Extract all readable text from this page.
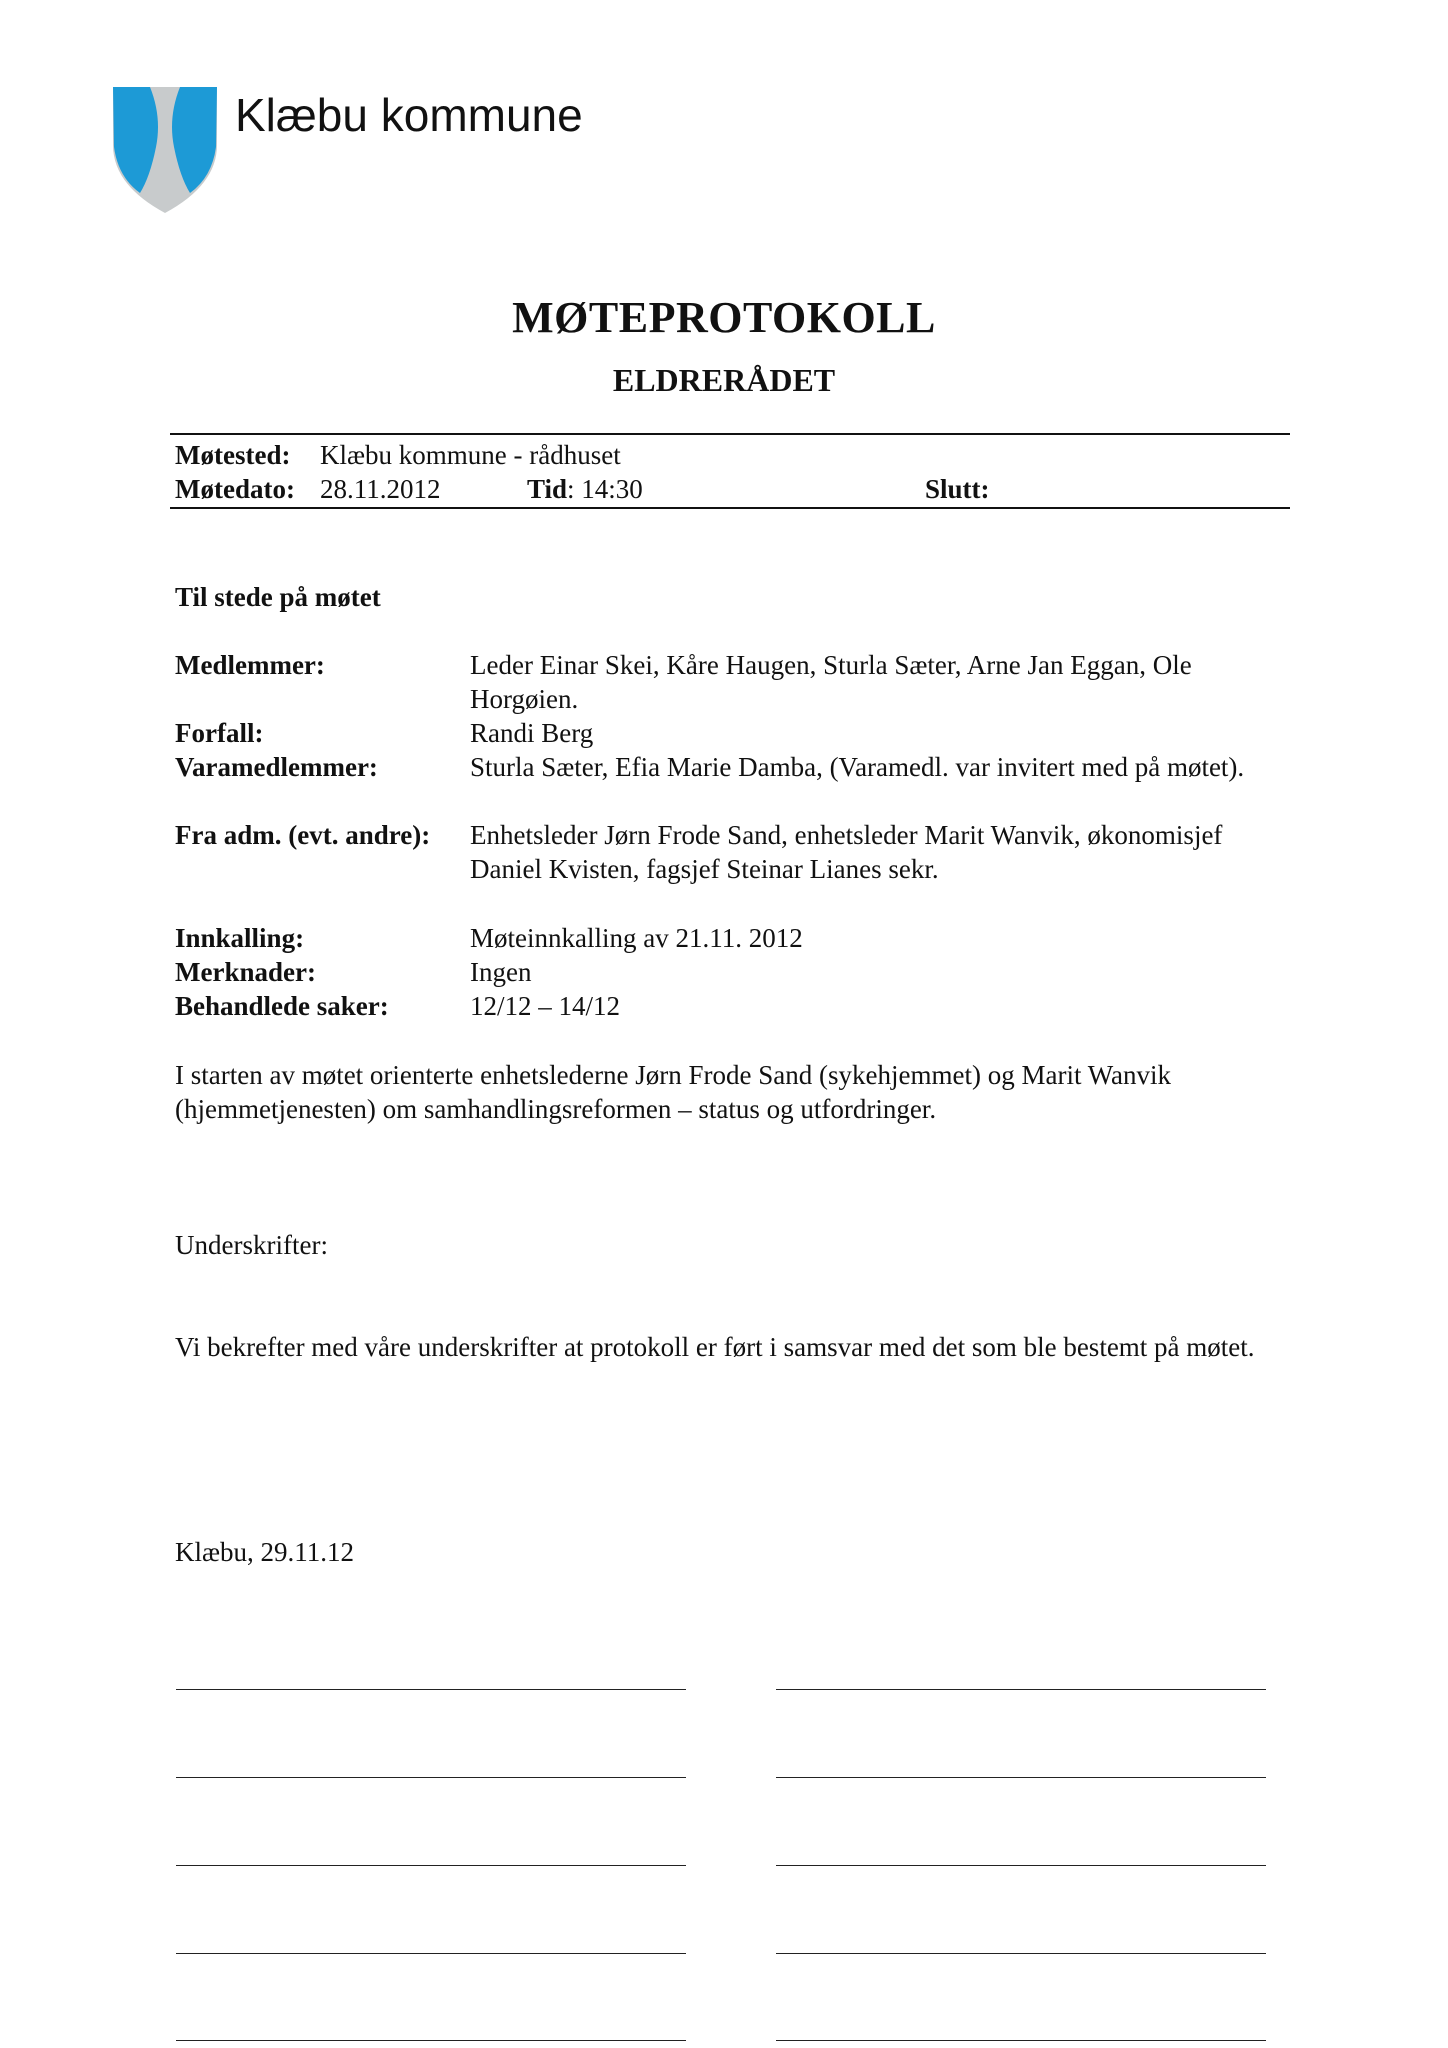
Klæbu kommune
MØTEPROTOKOLL
ELDRERÅDET
Møtested: Klæbu kommune - rådhuset
Møtedato: 28.11.2012	Tid: 14:30	Slutt:
Til stede på møtet
Medlemmer:	Leder Einar Skei, Kåre Haugen, Sturla Sæter, Arne Jan Eggan, Ole Horgøien.
Forfall:	Randi Berg
Varamedlemmer:	Sturla Sæter, Efia Marie Damba, (Varamedl. var invitert med på møtet).
Fra adm. (evt. andre): Enhetsleder Jørn Frode Sand, enhetsleder Marit Wanvik, økonomisjef Daniel Kvisten, fagsjef Steinar Lianes sekr.
Innkalling:	Møteinnkalling av 21.11. 2012
Merknader:	Ingen
Behandlede saker:	12/12 – 14/12
I starten av møtet orienterte enhetslederne Jørn Frode Sand (sykehjemmet) og Marit Wanvik (hjemmetjenesten) om samhandlingsreformen – status og utfordringer.
Underskrifter:
Vi bekrefter med våre underskrifter at protokoll er ført i samsvar med det som ble bestemt på møtet.
Klæbu, 29.11.12
